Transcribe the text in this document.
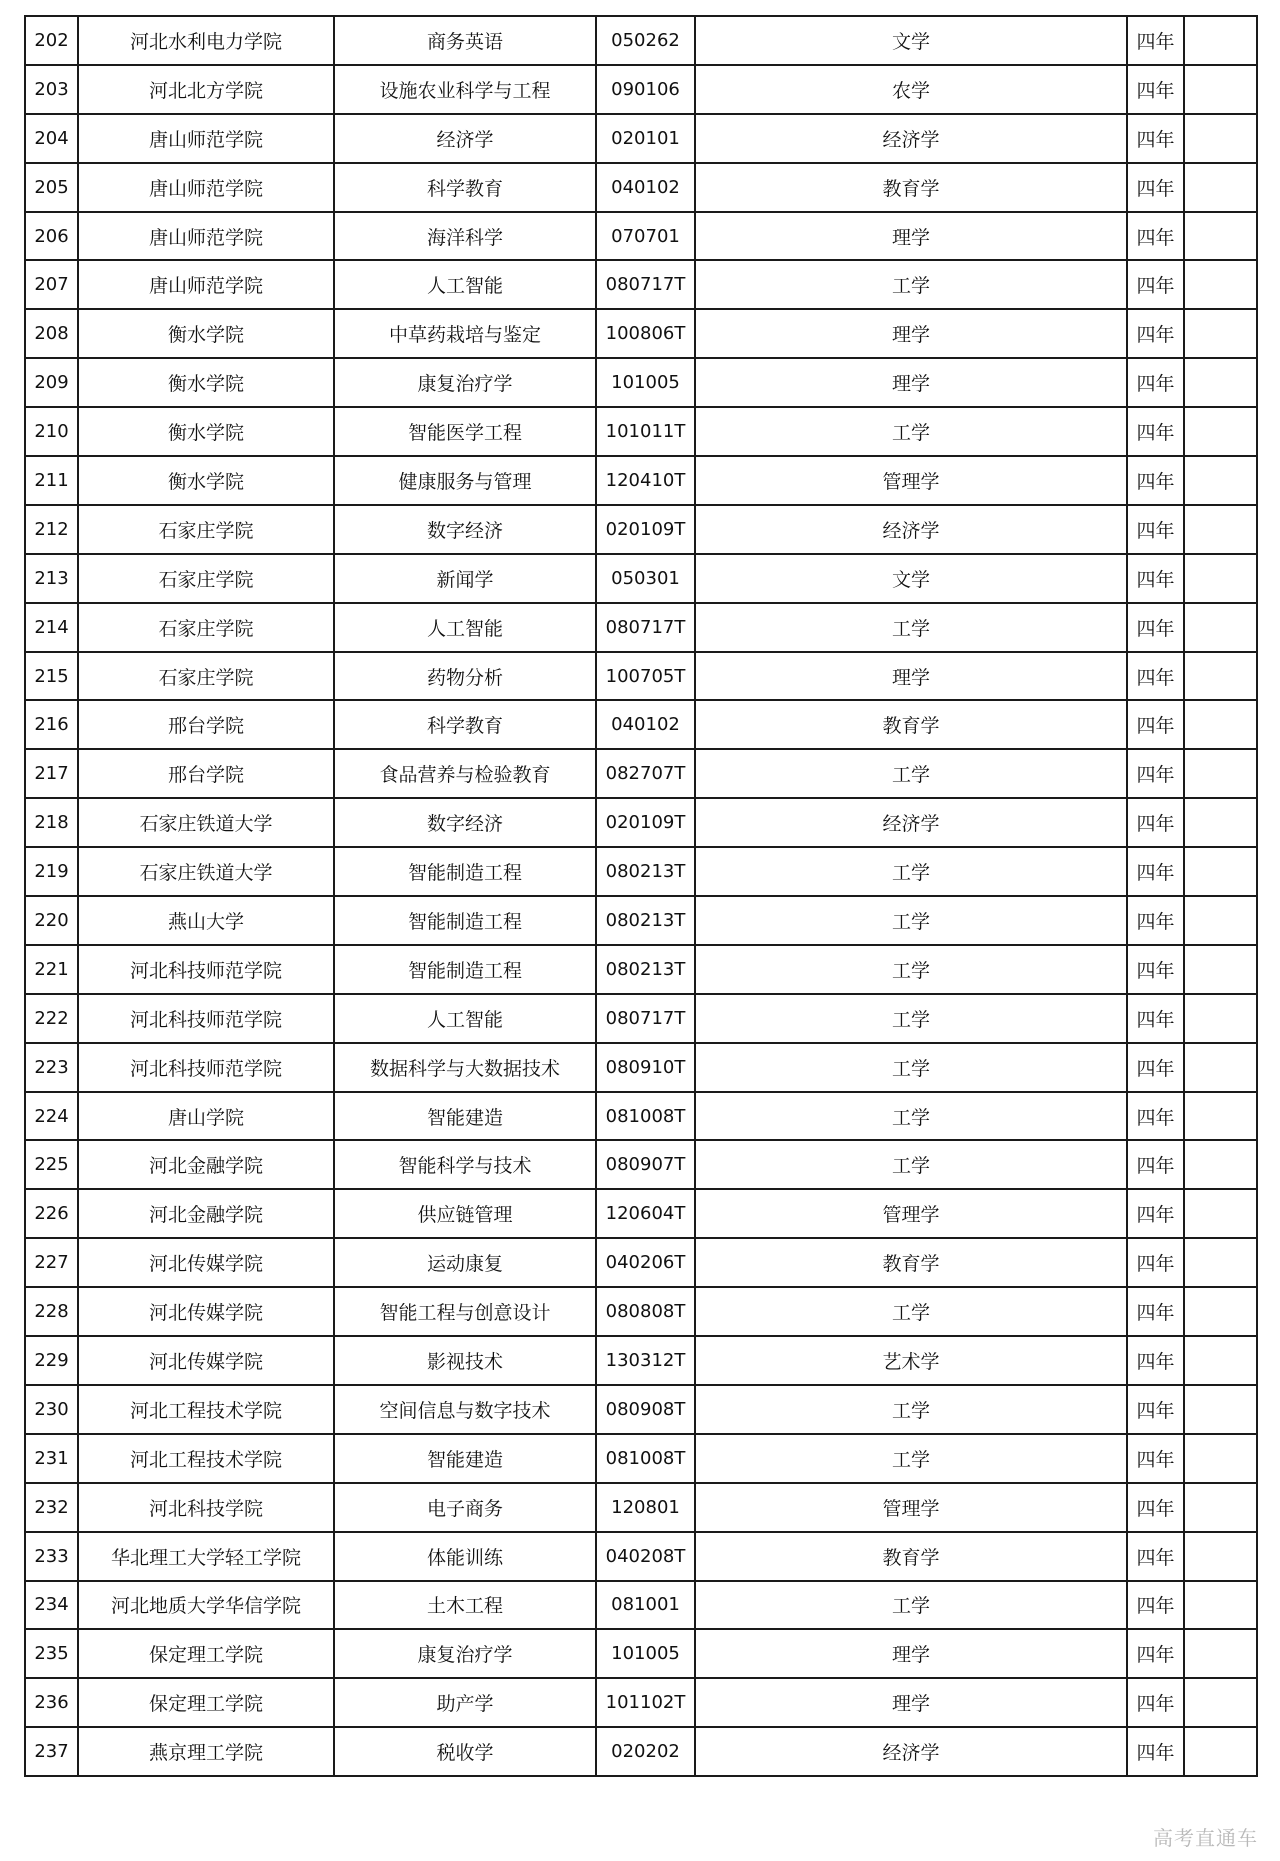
202	河北水利电力学院	商务英语	050262	文学	四年	
203	河北北方学院	设施农业科学与工程	090106	农学	四年	
204	唐山师范学院	经济学	020101	经济学	四年	
205	唐山师范学院	科学教育	040102	教育学	四年	
206	唐山师范学院	海洋科学	070701	理学	四年	
207	唐山师范学院	人工智能	080717T	工学	四年	
208	衡水学院	中草药栽培与鉴定	100806T	理学	四年	
209	衡水学院	康复治疗学	101005	理学	四年	
210	衡水学院	智能医学工程	101011T	工学	四年	
211	衡水学院	健康服务与管理	120410T	管理学	四年	
212	石家庄学院	数字经济	020109T	经济学	四年	
213	石家庄学院	新闻学	050301	文学	四年	
214	石家庄学院	人工智能	080717T	工学	四年	
215	石家庄学院	药物分析	100705T	理学	四年	
216	邢台学院	科学教育	040102	教育学	四年	
217	邢台学院	食品营养与检验教育	082707T	工学	四年	
218	石家庄铁道大学	数字经济	020109T	经济学	四年	
219	石家庄铁道大学	智能制造工程	080213T	工学	四年	
220	燕山大学	智能制造工程	080213T	工学	四年	
221	河北科技师范学院	智能制造工程	080213T	工学	四年	
222	河北科技师范学院	人工智能	080717T	工学	四年	
223	河北科技师范学院	数据科学与大数据技术	080910T	工学	四年	
224	唐山学院	智能建造	081008T	工学	四年	
225	河北金融学院	智能科学与技术	080907T	工学	四年	
226	河北金融学院	供应链管理	120604T	管理学	四年	
227	河北传媒学院	运动康复	040206T	教育学	四年	
228	河北传媒学院	智能工程与创意设计	080808T	工学	四年	
229	河北传媒学院	影视技术	130312T	艺术学	四年	
230	河北工程技术学院	空间信息与数字技术	080908T	工学	四年	
231	河北工程技术学院	智能建造	081008T	工学	四年	
232	河北科技学院	电子商务	120801	管理学	四年	
233	华北理工大学轻工学院	体能训练	040208T	教育学	四年	
234	河北地质大学华信学院	土木工程	081001	工学	四年	
235	保定理工学院	康复治疗学	101005	理学	四年	
236	保定理工学院	助产学	101102T	理学	四年	
237	燕京理工学院	税收学	020202	经济学	四年	
高考直通车
